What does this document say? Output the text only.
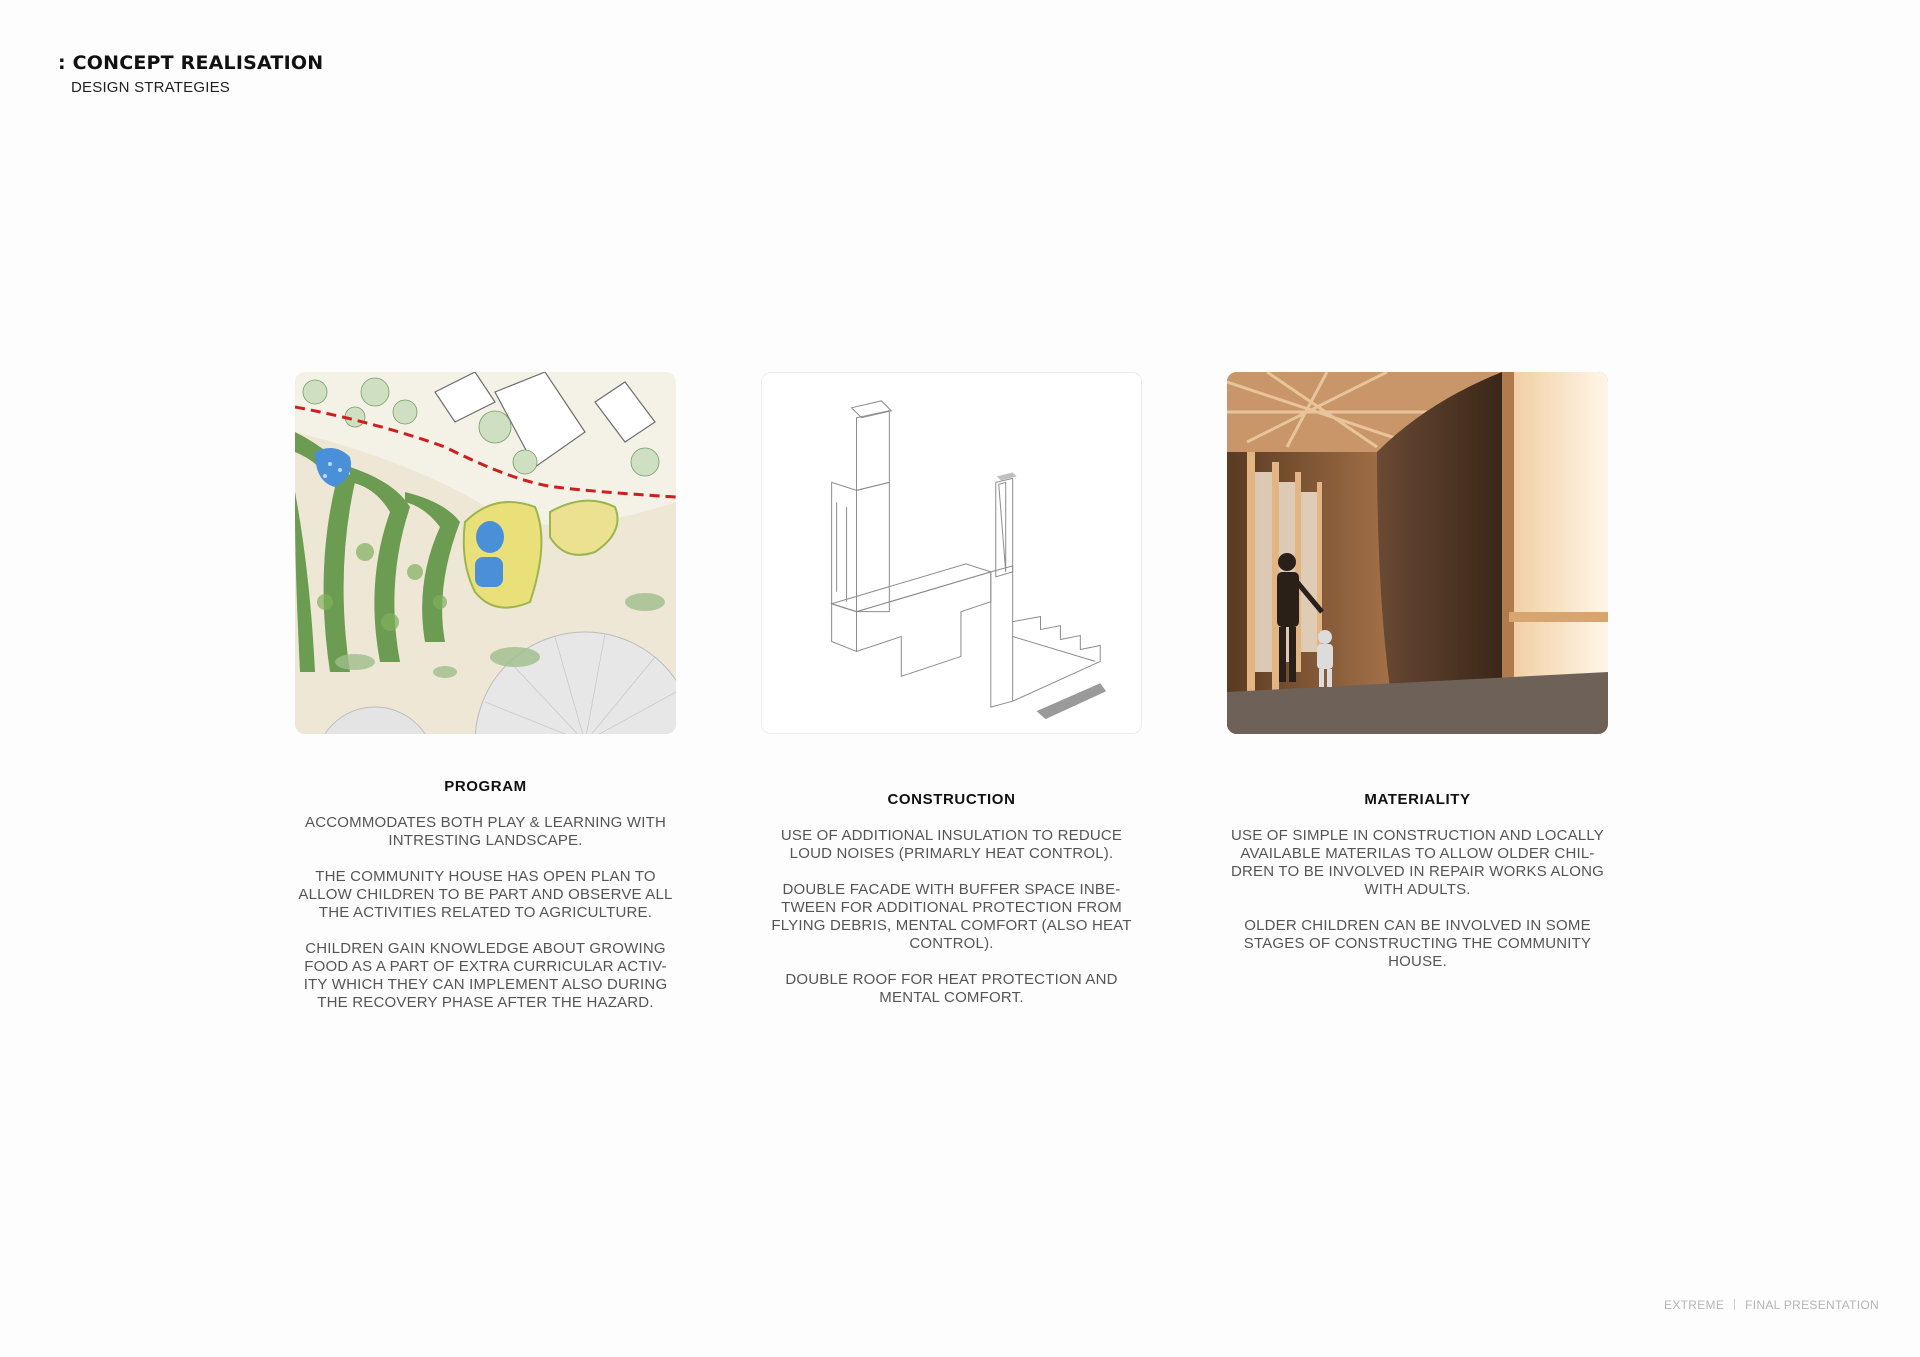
: CONCEPT REALISATION
DESIGN STRATEGIES
PROGRAM
ACCOMMODATES BOTH PLAY & LEARNING WITH
INTRESTING LANDSCAPE.
THE COMMUNITY HOUSE HAS OPEN PLAN TO
ALLOW CHILDREN TO BE PART AND OBSERVE ALL
THE ACTIVITIES RELATED TO AGRICULTURE.
CHILDREN GAIN KNOWLEDGE ABOUT GROWING
FOOD AS A PART OF EXTRA CURRICULAR ACTIV-
ITY WHICH THEY CAN IMPLEMENT ALSO DURING
THE RECOVERY PHASE AFTER THE HAZARD.
CONSTRUCTION
USE OF ADDITIONAL INSULATION TO REDUCE
LOUD NOISES (PRIMARLY HEAT CONTROL).
DOUBLE FACADE WITH BUFFER SPACE INBE-
TWEEN FOR ADDITIONAL PROTECTION FROM
FLYING DEBRIS, MENTAL COMFORT (ALSO HEAT
CONTROL).
DOUBLE ROOF FOR HEAT PROTECTION AND
MENTAL COMFORT.
MATERIALITY
USE OF SIMPLE IN CONSTRUCTION AND LOCALLY
AVAILABLE MATERILAS TO ALLOW OLDER CHIL-
DREN TO BE INVOLVED IN REPAIR WORKS ALONG
WITH ADULTS.
OLDER CHILDREN CAN BE INVOLVED IN SOME
STAGES OF CONSTRUCTING THE COMMUNITY
HOUSE.
EXTREME FINAL PRESENTATION
